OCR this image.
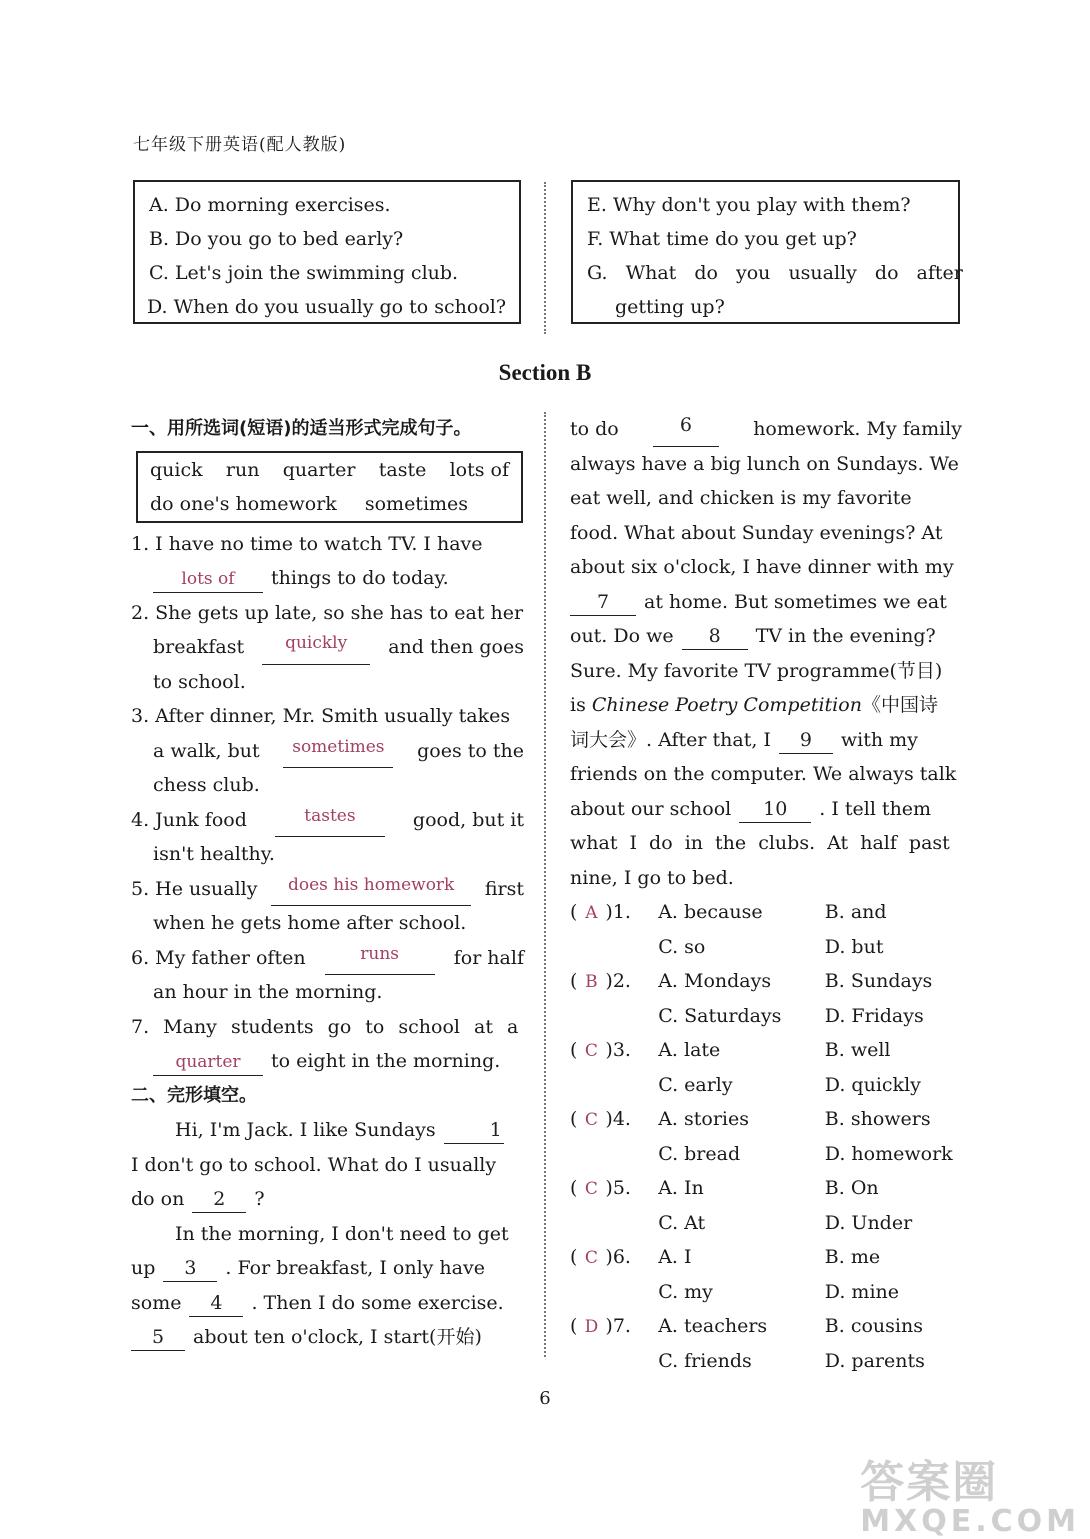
七年级下册英语(配人教版)
A. Do morning exercises.
B. Do you go to bed early?
C. Let's join the swimming club.
D. When do you usually go to school?
E. Why don't you play with them?
F. What time do you get up?
G. What do you usually do after
getting up?
Section B
一、用所选词(短语)的适当形式完成句子。
quick run quarter taste lots of
do one's homework sometimes
1. I have no time to watch TV. I have
lots of things to do today.
2. She gets up late, so she has to eat her
breakfast	quickly	and then goes
to school.
3. After dinner, Mr. Smith usually takes
a walk, but	sometimes	goes to the
chess club.
4. Junk food	tastes	good, but it
isn't healthy.
5. He usually	does his homework	first
when he gets home after school.
6. My father often	runs	for half
an hour in the morning.
7. Many students go to school at a
quarter to eight in the morning.
二、完形填空。
Hi, I'm Jack. I like Sundays	1
I don't go to school. What do I usually
do on 2 ?
In the morning, I don't need to get
up 3 . For breakfast, I only have
some 4 . Then I do some exercise.
5 about ten o'clock, I start(开始)
to do	6	homework. My family
always have a big lunch on Sundays. We
eat well, and chicken is my favorite
food. What about Sunday evenings? At
about six o'clock, I have dinner with my
7 at home. But sometimes we eat
out. Do we 8 TV in the evening?
Sure. My favorite TV programme(节目)
is Chinese Poetry Competition《中国诗
词大会》. After that, I 9 with my
friends on the computer. We always talk
about our school 10 . I tell them
what I do in the clubs. At half past
nine, I go to bed.
( A )1.	A. because	B. and
C. so	D. but
( B )2.	A. Mondays	B. Sundays
C. Saturdays	D. Fridays
( C )3.	A. late	B. well
C. early	D. quickly
( C )4.	A. stories	B. showers
C. bread	D. homework
( C )5.	A. In	B. On
C. At	D. Under
( C )6.	A. I	B. me
C. my	D. mine
( D )7.	A. teachers	B. cousins
C. friends	D. parents
6
答案圈
MXQE.COM
